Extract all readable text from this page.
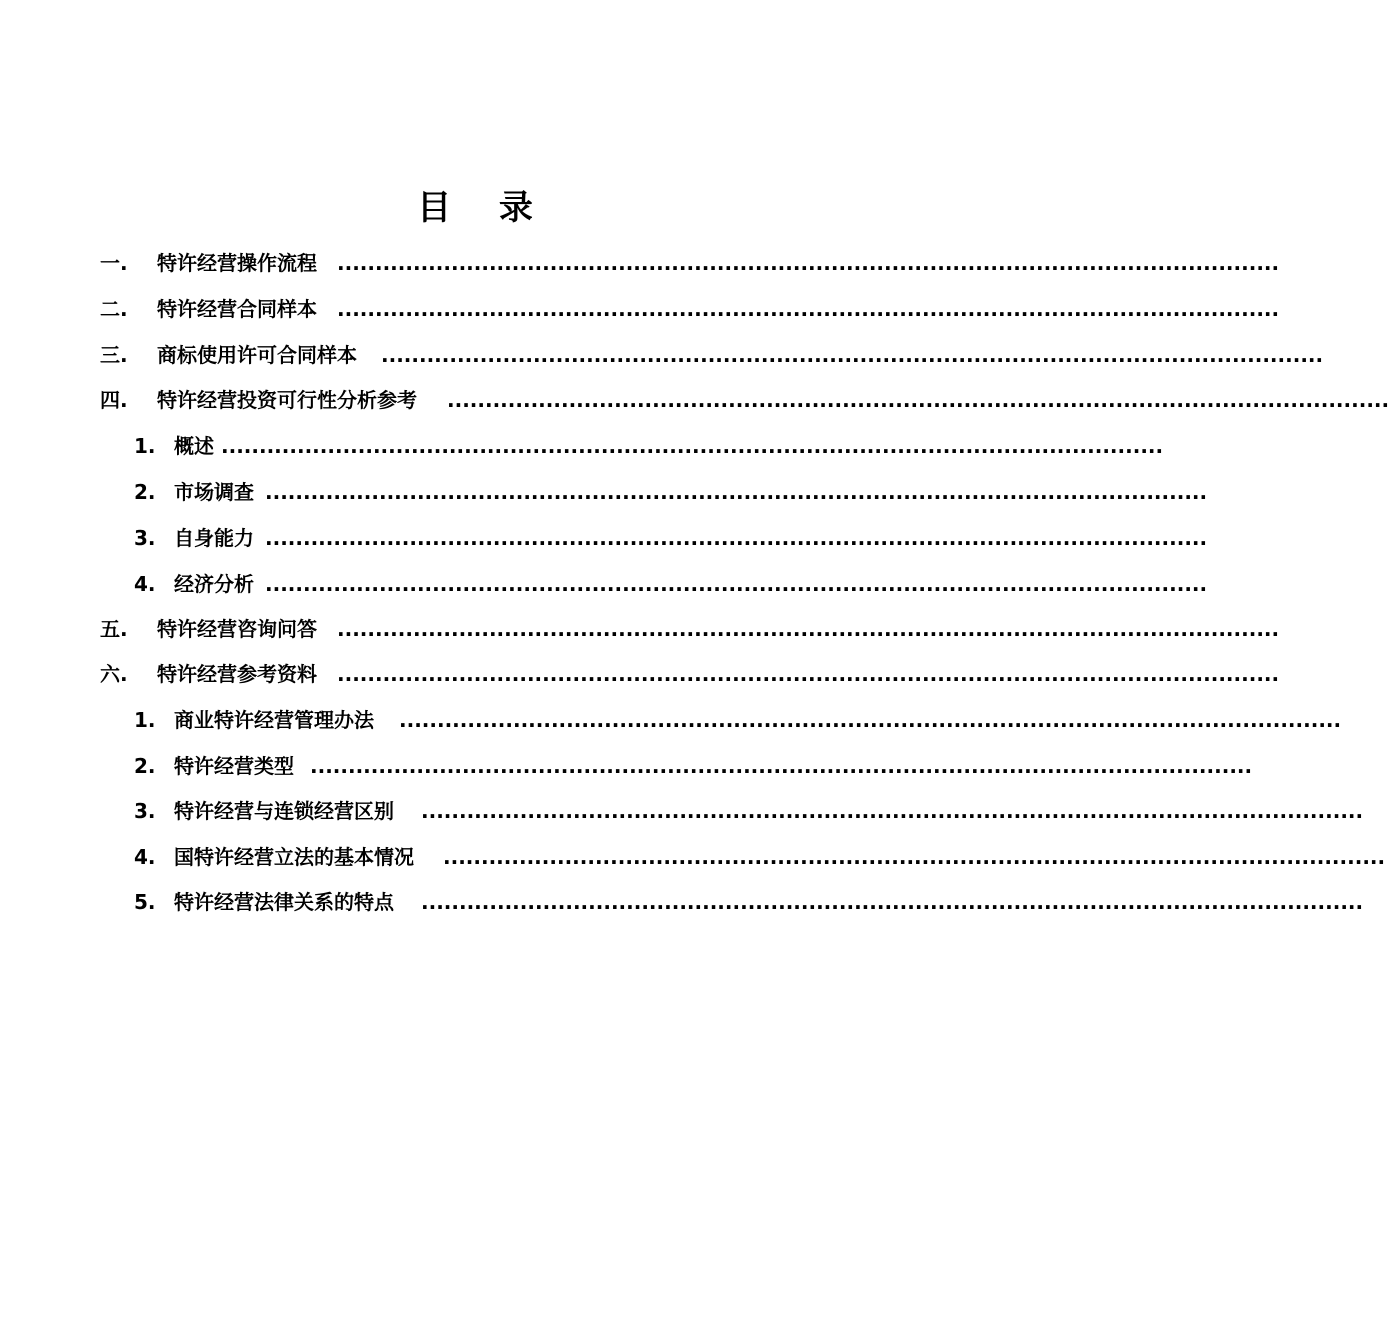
目 录
一. 特许经营操作流程 ............................................................................................................................
二. 特许经营合同样本 ............................................................................................................................
三. 商标使用许可合同样本 ............................................................................................................................
四. 特许经营投资可行性分析参考 ............................................................................................................................
1. 概述 ............................................................................................................................
2. 市场调查 ............................................................................................................................
3. 自身能力 ............................................................................................................................
4. 经济分析 ............................................................................................................................
五. 特许经营咨询问答 ............................................................................................................................
六. 特许经营参考资料 ............................................................................................................................
1. 商业特许经营管理办法 ............................................................................................................................
2. 特许经营类型 ............................................................................................................................
3. 特许经营与连锁经营区别 ............................................................................................................................
4. 国特许经营立法的基本情况 ............................................................................................................................
5. 特许经营法律关系的特点 ............................................................................................................................
